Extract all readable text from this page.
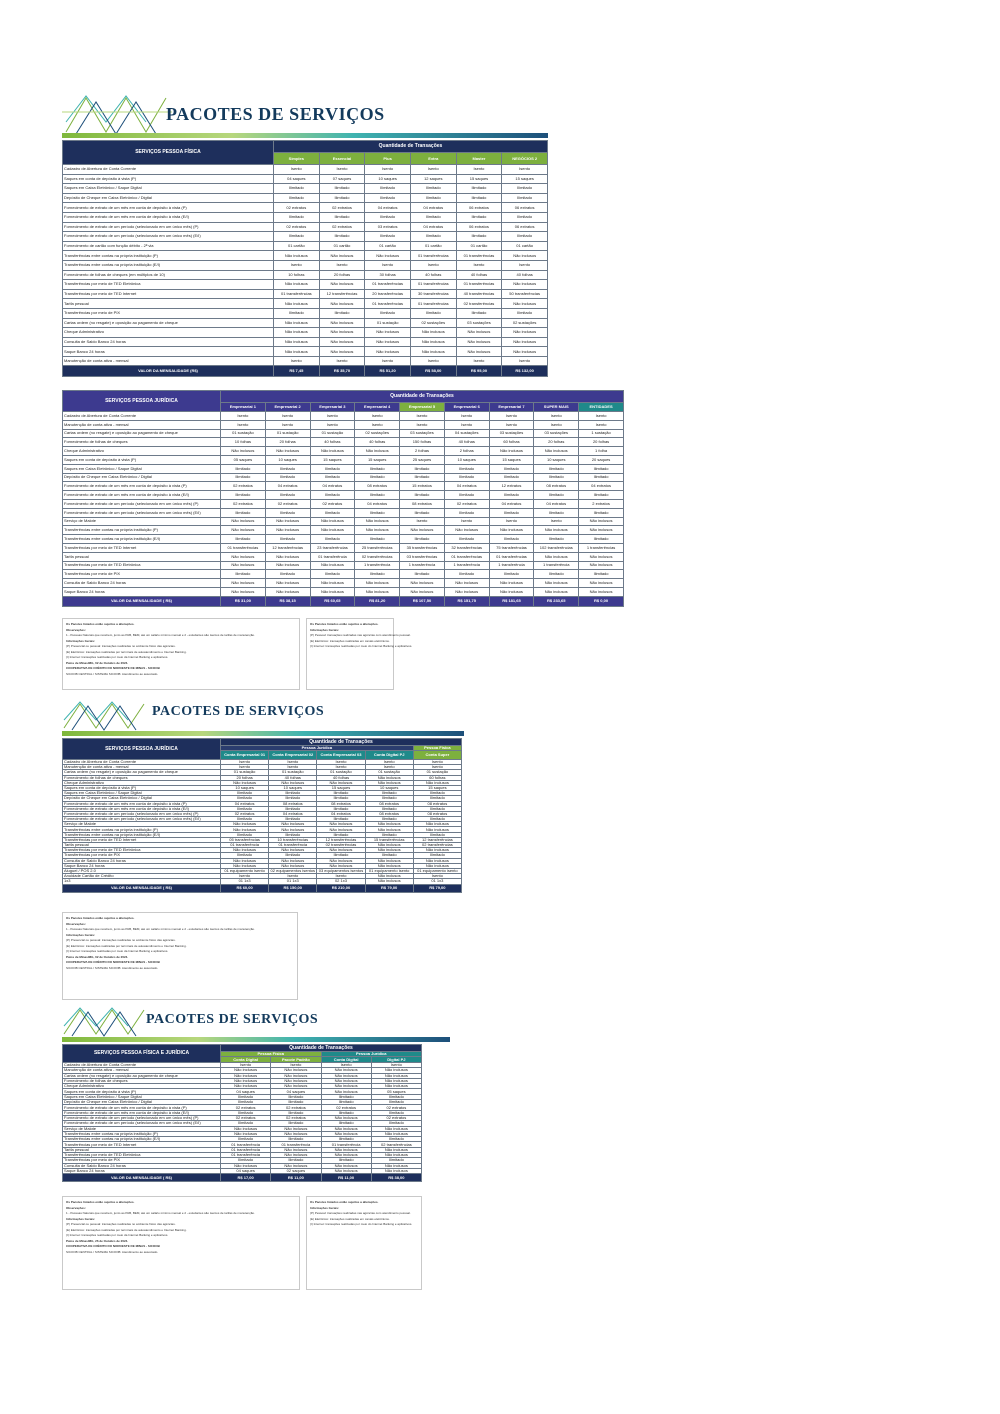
PACOTES DE SERVIÇOS
SERVIÇOS PESSOA FÍSICA	Quantidade de Transações					
	Simples	Essencial	Plus	Extra	Master	NEGÓCIOS 2
Cadastro de Abertura de Conta Corrente	Isento	Isento	Isento	Isento	Isento	Isento
Saques em conta de depósito à vista (P)	04 saques	07 saques	10 saques	12 saques	15 saques	15 saques
Saques em Caixa Eletrônico / Saque Digital	Ilimitado	Ilimitado	Ilimitado	Ilimitado	Ilimitado	Ilimitado
Depósito de Cheque em Caixa Eletrônico / Digital	Ilimitado	Ilimitado	Ilimitado	Ilimitado	Ilimitado	Ilimitado
Fornecimento de extrato de um mês em conta de depósito à vista (P)	02 extratos	02 extratos	04 extratos	04 extratos	06 extratos	06 extratos
Fornecimento de extrato de um mês em conta de depósito à vista (E/I)	Ilimitado	Ilimitado	Ilimitado	Ilimitado	Ilimitado	Ilimitado
Fornecimento de extrato de um período (selecionado em um único mês) (P)	02 extratos	02 extratos	03 extratos	04 extratos	06 extratos	06 extratos
Fornecimento de extrato de um período (selecionado em um único mês) (E/I)	Ilimitado	Ilimitado	Ilimitado	Ilimitado	Ilimitado	Ilimitado
Fornecimento de cartão com função débito - 2ª via	01 cartão	01 cartão	01 cartão	01 cartão	01 cartão	01 cartão
Transferências entre contas na própria instituição (P)	Não inclusos	Não inclusos	Não inclusos	01 transferências	01 transferências	Não inclusos
Transferências entre contas na própria instituição (E/I)	Isento	Isento	Isento	Isento	Isento	Isento
Fornecimento de folhas de cheques (em múltiplos de 10)	10 folhas	20 folhas	30 folhas	40 folhas	40 folhas	40 folhas
Transferências por meio de TED Eletrônica	Não inclusos	Não inclusos	01 transferências	01 transferências	01 transferências	Não inclusos
Transferências por meio de TED Internet	01 transferências	12 transferências	20 transferências	30 transferências	40 transferências	50 transferências
Tarifa pessoal	Não inclusos	Não inclusos	01 transferências	01 transferências	02 transferências	Não inclusos
Transferências por meio de PIX	Ilimitado	Ilimitado	Ilimitado	Ilimitado	Ilimitado	Ilimitado
Cartas ordem (no resgate) e oposição ao pagamento de cheque	Não inclusos	Não inclusos	01 sustação	02 sustações	03 sustações	02 sustações
Cheque Administrativo	Não inclusos	Não inclusos	Não inclusos	Não inclusos	Não inclusos	Não inclusos
Consulta de Saldo Banco 24 horas	Não inclusos	Não inclusos	Não inclusos	Não inclusos	Não inclusos	Não inclusos
Saque Banco 24 horas	Não inclusos	Não inclusos	Não inclusos	Não inclusos	Não inclusos	Não inclusos
Manutenção de conta ativa - mensal	Isento	Isento	Isento	Isento	Isento	Isento
VALOR DA MENSALIDADE (R$)	R$ 7,45	R$ 35,70	R$ 51,20	R$ 58,00	R$ 95,00	R$ 132,00
SERVIÇOS PESSOA JURÍDICA	Quantidade de Transações								
	Empresarial 1	Empresarial 2	Empresarial 3	Empresarial 4	Empresarial 5	Empresarial 6	Empresarial 7	SUPER MAIS	ENTIDADES
Cadastro de Abertura de Conta Corrente	Isento	Isento	Isento	Isento	Isento	Isento	Isento	Isento	Isento
Manutenção de conta ativa - mensal	Isento	Isento	Isento	Isento	Isento	Isento	Isento	Isento	Isento
Cartas ordem (no resgate) e oposição ao pagamento de cheque	01 sustação	01 sustação	01 sustação	02 sustações	03 sustações	04 sustações	03 sustações	03 sustações	1 sustação
Fornecimento de folhas de cheques	10 folhas	20 folhas	40 folhas	40 folhas	150 folhas	40 folhas	60 folhas	20 folhas	20 folhas
Cheque Administrativo	Não inclusos	Não inclusos	Não inclusos	Não inclusos	2 folhas	2 folhas	Não inclusos	Não inclusos	1 folha
Saques em conta de depósito à vista (P)	05 saques	10 saques	15 saques	15 saques	25 saques	10 saques	15 saques	10 saques	20 saques
Saques em Caixa Eletrônico / Saque Digital	Ilimitado	Ilimitado	Ilimitado	Ilimitado	Ilimitado	Ilimitado	Ilimitado	Ilimitado	Ilimitado
Depósito de Cheque em Caixa Eletrônico / Digital	Ilimitado	Ilimitado	Ilimitado	Ilimitado	Ilimitado	Ilimitado	Ilimitado	Ilimitado	Ilimitado
Fornecimento de extrato de um mês em conta de depósito à vista (P)	02 extratos	04 extratos	04 extratos	08 extratos	15 extratos	04 extratos	12 extratos	08 extratos	04 extratos
Fornecimento de extrato de um mês em conta de depósito à vista (E/I)	Ilimitado	Ilimitado	Ilimitado	Ilimitado	Ilimitado	Ilimitado	Ilimitado	Ilimitado	Ilimitado
Fornecimento de extrato de um período (selecionado em um único mês) (P)	02 extratos	02 extratos	02 extratos	04 extratos	08 extratos	02 extratos	04 extratos	04 extratos	2 extratos
Fornecimento de extrato de um período (selecionado em um único mês) (E/I)	Ilimitado	Ilimitado	Ilimitado	Ilimitado	Ilimitado	Ilimitado	Ilimitado	Ilimitado	Ilimitado
Serviço de Malote	Não inclusos	Não inclusos	Não inclusos	Não inclusos	Isento	Isento	Isento	Isento	Não inclusos
Transferências entre contas na própria instituição (P)	Não inclusos	Não inclusos	Não inclusos	Não inclusos	Não inclusos	Não inclusos	Não inclusos	Não inclusos	Não inclusos
Transferências entre contas na própria instituição (E/I)	Ilimitado	Ilimitado	Ilimitado	Ilimitado	Ilimitado	Ilimitado	Ilimitado	Ilimitado	Ilimitado
Transferências por meio de TED Internet	01 transferências	12 transferências	23 transferências	25 transferências	35 transferências	32 transferências	75 transferências	102 transferências	1 transferências
Tarifa pessoal	Não inclusos	Não inclusos	01 transferência	02 transferências	03 transferências	01 transferências	01 transferências	Não inclusos	Não inclusos
Transferências por meio de TED Eletrônica	Não inclusos	Não inclusos	Não inclusos	1 transferência	1 transferência	1 transferência	1 transferência	1 transferência	Não inclusos
Transferências por meio de PIX	Ilimitado	Ilimitado	Ilimitado	Ilimitado	Ilimitado	Ilimitado	Ilimitado	Ilimitado	Ilimitado
Consulta de Saldo Banco 24 horas	Não inclusos	Não inclusos	Não inclusos	Não inclusos	Não inclusos	Não inclusos	Não inclusos	Não inclusos	Não inclusos
Saque Banco 24 horas	Não inclusos	Não inclusos	Não inclusos	Não inclusos	Não inclusos	Não inclusos	Não inclusos	Não inclusos	Não inclusos
VALOR DA MENSALIDADE ( R$)	R$ 31,00	R$ 38,15	R$ 60,65	R$ 81,20	R$ 107,50	R$ 151,75	R$ 181,65	R$ 233,65	R$ 0,00

Os Pacotes listados estão sujeitos a alterações.

Observações:

1 - Pessoas Naturais que recebem, junto ao PAB, BEM, até um salário mínimo mensal e 2 - estudantes são isentos de tarifas de manutenção.

Informações Gerais:

(P) Presencial ou pessoal: transações realizadas no ambiente físico das agências.

(E) Eletrônico: transações realizadas por terminais de autoatendimento e Internet Banking.

(I) Internet: transações realizadas por meio da Internet Banking e aplicativos.

Patos de Minas/MG, 02 de Outubro de 2024.

COOPERATIVA DE CRÉDITO DO NOROESTE DE MINAS - SICOOB

SICOOB CENTRAL / SISTEMA SICOOB: Atendimento ao associado.

Os Pacotes listados estão sujeitos a alterações.

Informações Gerais:

(P) Pessoal: transações realizadas nas agências com atendimento pessoal.

(E) Eletrônico: transações realizadas em canais eletrônicos.

(I) Internet: transações realizadas por meio do Internet Banking e aplicativos.

PACOTES DE SERVIÇOS
SERVIÇOS PESSOA JURÍDICA	Quantidade de Transações				
	Pessoa Jurídica				Pessoa Física
	Conta Empresarial 01	Conta Empresarial 02	Conta Empresarial 03	Conta Digital PJ	Conta Super
Cadastro de Abertura de Conta Corrente	Isento	Isento	Isento	Isento	Isento
Manutenção de conta ativa - mensal	Isento	Isento	Isento	Isento	Isento
Cartas ordem (no resgate) e oposição ao pagamento de cheque	01 sustação	01 sustação	01 sustação	01 sustação	01 sustação
Fornecimento de folhas de cheques	20 folhas	40 folhas	40 folhas	Não inclusos	60 folhas
Cheque Administrativo	Não inclusos	Não inclusos	Não inclusos	Não inclusos	Não inclusos
Saques em conta de depósito à vista (P)	10 saques	10 saques	15 saques	10 saques	15 saques
Saques em Caixa Eletrônico / Saque Digital	Ilimitado	Ilimitado	Ilimitado	Ilimitado	Ilimitado
Depósito de Cheque em Caixa Eletrônico / Digital	Ilimitado	Ilimitado	Ilimitado	Ilimitado	Ilimitado
Fornecimento de extrato de um mês em conta de depósito à vista (P)	04 extratos	08 extratos	08 extratos	08 extratos	08 extratos
Fornecimento de extrato de um mês em conta de depósito à vista (E/I)	Ilimitado	Ilimitado	Ilimitado	Ilimitado	Ilimitado
Fornecimento de extrato de um período (selecionado em um único mês) (P)	02 extratos	04 extratos	04 extratos	08 extratos	08 extratos
Fornecimento de extrato de um período (selecionado em um único mês) (E/I)	Ilimitado	Ilimitado	Ilimitado	Ilimitado	Ilimitado
Serviço de Malote	Não inclusos	Não inclusos	Não inclusos	Não inclusos	Não inclusos
Transferências entre contas na própria instituição (P)	Não inclusos	Não inclusos	Não inclusos	Não inclusos	Não inclusos
Transferências entre contas na própria instituição (E/I)	Ilimitado	Ilimitado	Ilimitado	Ilimitado	Ilimitado
Transferências por meio de TED Internet	05 transferências	10 transferências	12 transferências	15 transferências	12 transferências
Tarifa pessoal	01 transferência	01 transferência	02 transferências	Não inclusos	02 transferências
Transferências por meio de TED Eletrônica	Não inclusos	Não inclusos	Não inclusos	Não inclusos	Não inclusos
Transferências por meio de PIX	Ilimitado	Ilimitado	Ilimitado	Ilimitado	Ilimitado
Consulta de Saldo Banco 24 horas	Não inclusos	Não inclusos	Não inclusos	Não inclusos	Não inclusos
Saque Banco 24 horas	Não inclusos	Não inclusos	Não inclusos	Não inclusos	Não inclusos
Aluguel / POS 2.0	01 equipamento isento	02 equipamentos isentos	03 equipamentos isentos	01 equipamento isento	01 equipamento isento
Anuidade Cartão de Crédito	Isento	Isento	Isento	Não inclusos	Isento
1x3	01 1x3	01 1x3	02 1x3	Não inclusos	01 1x3
VALOR DA MENSALIDADE ( R$)	R$ 60,00	R$ 150,00	R$ 210,00	R$ 79,00	R$ 79,00

Os Pacotes listados estão sujeitos a alterações.

Observações:

1 - Pessoas Naturais que recebem, junto ao PAB, BEM, até um salário mínimo mensal e 2 - estudantes são isentos de tarifas de manutenção.

Informações Gerais:

(P) Presencial ou pessoal: transações realizadas no ambiente físico das agências.

(E) Eletrônico: transações realizadas por terminais de autoatendimento e Internet Banking.

(I) Internet: transações realizadas por meio da Internet Banking e aplicativos.

Patos de Minas/MG, 02 de Outubro de 2024.

COOPERATIVA DE CRÉDITO DO NOROESTE DE MINAS - SICOOB

SICOOB CENTRAL / SISTEMA SICOOB: Atendimento ao associado.

PACOTES DE SERVIÇOS
SERVIÇOS PESSOA FÍSICA E JURÍDICA	Quantidade de Transações			
	Pessoa Física		Pessoa Jurídica	
	Conta Digital	Pacote Padrão	Conta Digital	Digital PJ
Cadastro de Abertura de Conta Corrente	Isento	Isento	Isento	Isento
Manutenção de conta ativa - mensal	Não inclusos	Não inclusos	Não inclusos	Não inclusos
Cartas ordem (no resgate) e oposição ao pagamento de cheque	Não inclusos	Não inclusos	Não inclusos	Não inclusos
Fornecimento de folhas de cheques	Não inclusos	Não inclusos	Não inclusos	Não inclusos
Cheque Administrativo	Não inclusos	Não inclusos	Não inclusos	Não inclusos
Saques em conta de depósito à vista (P)	04 saques	04 saques	Não inclusos	05 saques
Saques em Caixa Eletrônico / Saque Digital	Ilimitado	Ilimitado	Ilimitado	Ilimitado
Depósito de Cheque em Caixa Eletrônico / Digital	Ilimitado	Ilimitado	Ilimitado	Ilimitado
Fornecimento de extrato de um mês em conta de depósito à vista (P)	02 extratos	02 extratos	02 extratos	02 extratos
Fornecimento de extrato de um mês em conta de depósito à vista (E/I)	Ilimitado	Ilimitado	Ilimitado	Ilimitado
Fornecimento de extrato de um período (selecionado em um único mês) (P)	02 extratos	02 extratos	Não inclusos	02 extratos
Fornecimento de extrato de um período (selecionado em um único mês) (E/I)	Ilimitado	Ilimitado	Ilimitado	Ilimitado
Serviço de Malote	Não inclusos	Não inclusos	Não inclusos	Não inclusos
Transferências entre contas na própria instituição (P)	Não inclusos	Não inclusos	Não inclusos	Não inclusos
Transferências entre contas na própria instituição (E/I)	Ilimitado	Ilimitado	Ilimitado	Ilimitado
Transferências por meio de TED Internet	01 transferência	01 transferência	01 transferência	02 transferências
Tarifa pessoal	01 transferência	Não inclusos	Não inclusos	Não inclusos
Transferências por meio de TED Eletrônica	01 transferência	Não inclusos	Não inclusos	Não inclusos
Transferências por meio de PIX	Ilimitado	Ilimitado	Ilimitado	Ilimitado
Consulta de Saldo Banco 24 horas	Não inclusos	Não inclusos	Não inclusos	Não inclusos
Saque Banco 24 horas	04 saques	02 saques	Não inclusos	Não inclusos
VALOR DA MENSALIDADE ( R$)	R$ 17,00	R$ 11,00	R$ 11,00	R$ 38,00

Os Pacotes listados estão sujeitos a alterações.

Observações:

1 - Pessoas Naturais que recebem, junto ao PAB, BEM, até um salário mínimo mensal e 2 - estudantes são isentos de tarifas de manutenção.

Informações Gerais:

(P) Presencial ou pessoal: transações realizadas no ambiente físico das agências.

(E) Eletrônico: transações realizadas por terminais de autoatendimento e Internet Banking.

(I) Internet: transações realizadas por meio da Internet Banking e aplicativos.

Patos de Minas/MG, 26 de Outubro de 2024.

COOPERATIVA DE CRÉDITO DO NOROESTE DE MINAS - SICOOB

SICOOB CENTRAL / SISTEMA SICOOB: Atendimento ao associado.

Os Pacotes listados estão sujeitos a alterações.

Informações Gerais:

(P) Pessoal: transações realizadas nas agências com atendimento pessoal.

(E) Eletrônico: transações realizadas em canais eletrônicos.

(I) Internet: transações realizadas por meio do Internet Banking e aplicativos.
